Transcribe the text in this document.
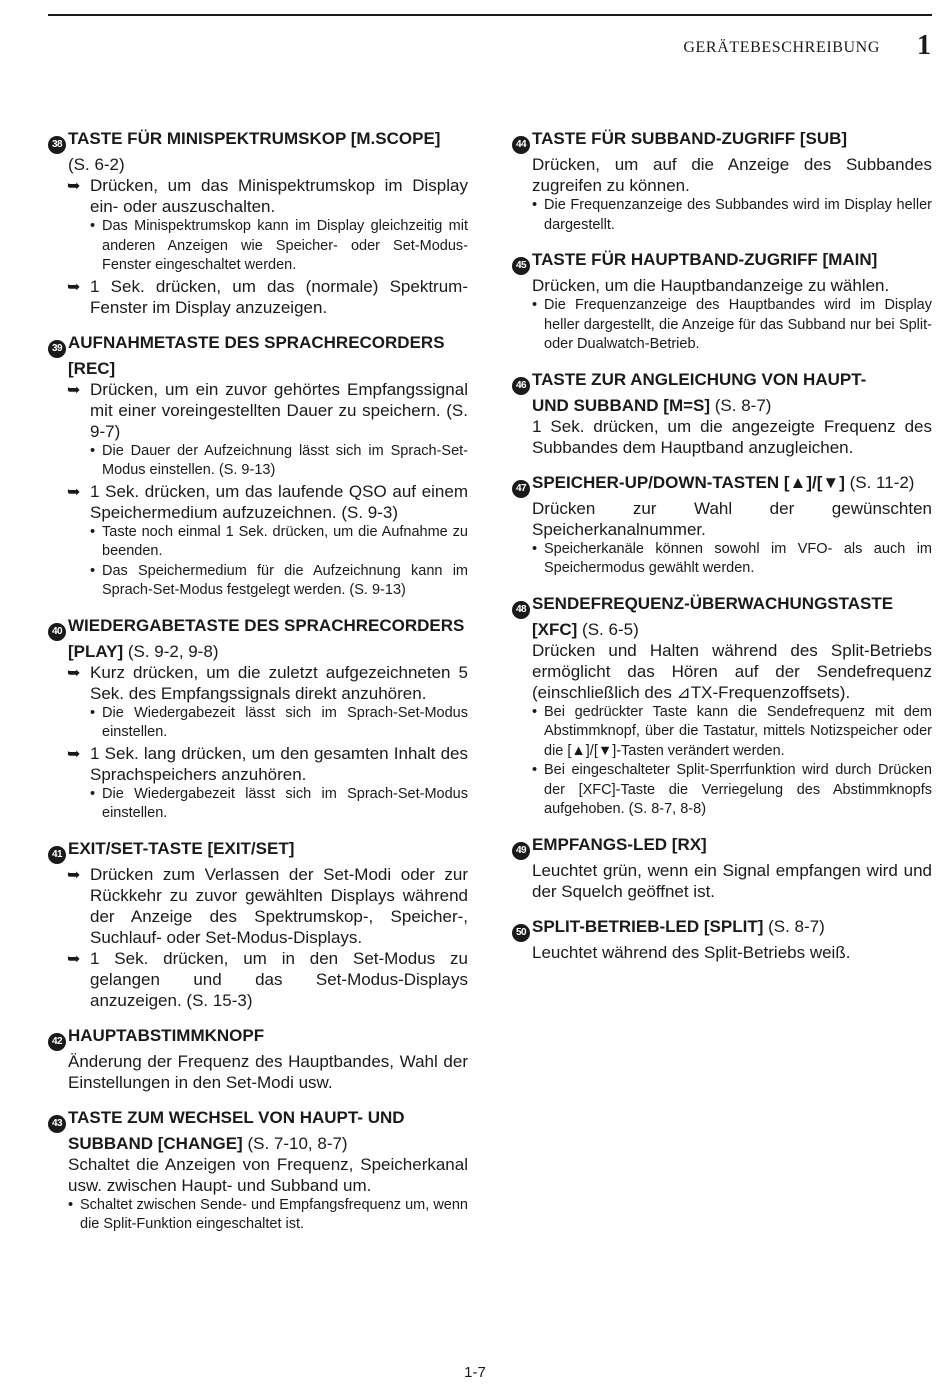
GERÄTEBESCHREIBUNG 1
38 TASTE FÜR MINISPEKTRUMSKOP [M.SCOPE]
(S. 6-2)
➥ Drücken, um das Minispektrumskop im Display ein- oder auszuschalten.
• Das Minispektrumskop kann im Display gleichzeitig mit anderen Anzeigen wie Speicher- oder Set-Modus-Fenster eingeschaltet werden.
➥ 1 Sek. drücken, um das (normale) Spektrum-Fenster im Display anzuzeigen.
39 AUFNAHMETASTE DES SPRACHRECORDERS
[REC]
➥ Drücken, um ein zuvor gehörtes Empfangssignal mit einer voreingestellten Dauer zu speichern. (S. 9-7)
• Die Dauer der Aufzeichnung lässt sich im Sprach-Set-Modus einstellen. (S. 9-13)
➥ 1 Sek. drücken, um das laufende QSO auf einem Speichermedium aufzuzeichnen. (S. 9-3)
• Taste noch einmal 1 Sek. drücken, um die Aufnahme zu beenden.
• Das Speichermedium für die Aufzeichnung kann im Sprach-Set-Modus festgelegt werden. (S. 9-13)
40 WIEDERGABETASTE DES SPRACHRECORDERS
[PLAY] (S. 9-2, 9-8)
➥ Kurz drücken, um die zuletzt aufgezeichneten 5 Sek. des Empfangssignals direkt anzuhören.
• Die Wiedergabezeit lässt sich im Sprach-Set-Modus einstellen.
➥ 1 Sek. lang drücken, um den gesamten Inhalt des Sprachspeichers anzuhören.
• Die Wiedergabezeit lässt sich im Sprach-Set-Modus einstellen.
41 EXIT/SET-TASTE [EXIT/SET]
➥ Drücken zum Verlassen der Set-Modi oder zur Rückkehr zu zuvor gewählten Displays während der Anzeige des Spektrumskop-, Speicher-, Suchlauf- oder Set-Modus-Displays.
➥ 1 Sek. drücken, um in den Set-Modus zu gelangen und das Set-Modus-Displays anzuzeigen. (S. 15-3)
42 HAUPTABSTIMMKNOPF
Änderung der Frequenz des Hauptbandes, Wahl der Einstellungen in den Set-Modi usw.
43 TASTE ZUM WECHSEL VON HAUPT- UND
SUBBAND [CHANGE] (S. 7-10, 8-7)
Schaltet die Anzeigen von Frequenz, Speicherkanal usw. zwischen Haupt- und Subband um.
• Schaltet zwischen Sende- und Empfangsfrequenz um, wenn die Split-Funktion eingeschaltet ist.
44 TASTE FÜR SUBBAND-ZUGRIFF [SUB]
Drücken, um auf die Anzeige des Subbandes zugreifen zu können.
• Die Frequenzanzeige des Subbandes wird im Display heller dargestellt.
45 TASTE FÜR HAUPTBAND-ZUGRIFF [MAIN]
Drücken, um die Hauptbandanzeige zu wählen.
• Die Frequenzanzeige des Hauptbandes wird im Display heller dargestellt, die Anzeige für das Subband nur bei Split- oder Dualwatch-Betrieb.
46 TASTE ZUR ANGLEICHUNG VON HAUPT-
UND SUBBAND [M=S] (S. 8-7)
1 Sek. drücken, um die angezeigte Frequenz des Subbandes dem Hauptband anzugleichen.
47 SPEICHER-UP/DOWN-TASTEN [▲]/[▼] (S. 11-2)
Drücken zur Wahl der gewünschten Speicherkanalnummer.
• Speicherkanäle können sowohl im VFO- als auch im Speichermodus gewählt werden.
48 SENDEFREQUENZ-ÜBERWACHUNGSTASTE
[XFC] (S. 6-5)
Drücken und Halten während des Split-Betriebs ermöglicht das Hören auf der Sendefrequenz (einschließlich des ⊿TX-Frequenzoffsets).
• Bei gedrückter Taste kann die Sendefrequenz mit dem Abstimmknopf, über die Tastatur, mittels Notizspeicher oder die [▲]/[▼]-Tasten verändert werden.
• Bei eingeschalteter Split-Sperrfunktion wird durch Drücken der [XFC]-Taste die Verriegelung des Abstimmknopfs aufgehoben. (S. 8-7, 8-8)
49 EMPFANGS-LED [RX]
Leuchtet grün, wenn ein Signal empfangen wird und der Squelch geöffnet ist.
50 SPLIT-BETRIEB-LED [SPLIT] (S. 8-7)
Leuchtet während des Split-Betriebs weiß.
1-7
